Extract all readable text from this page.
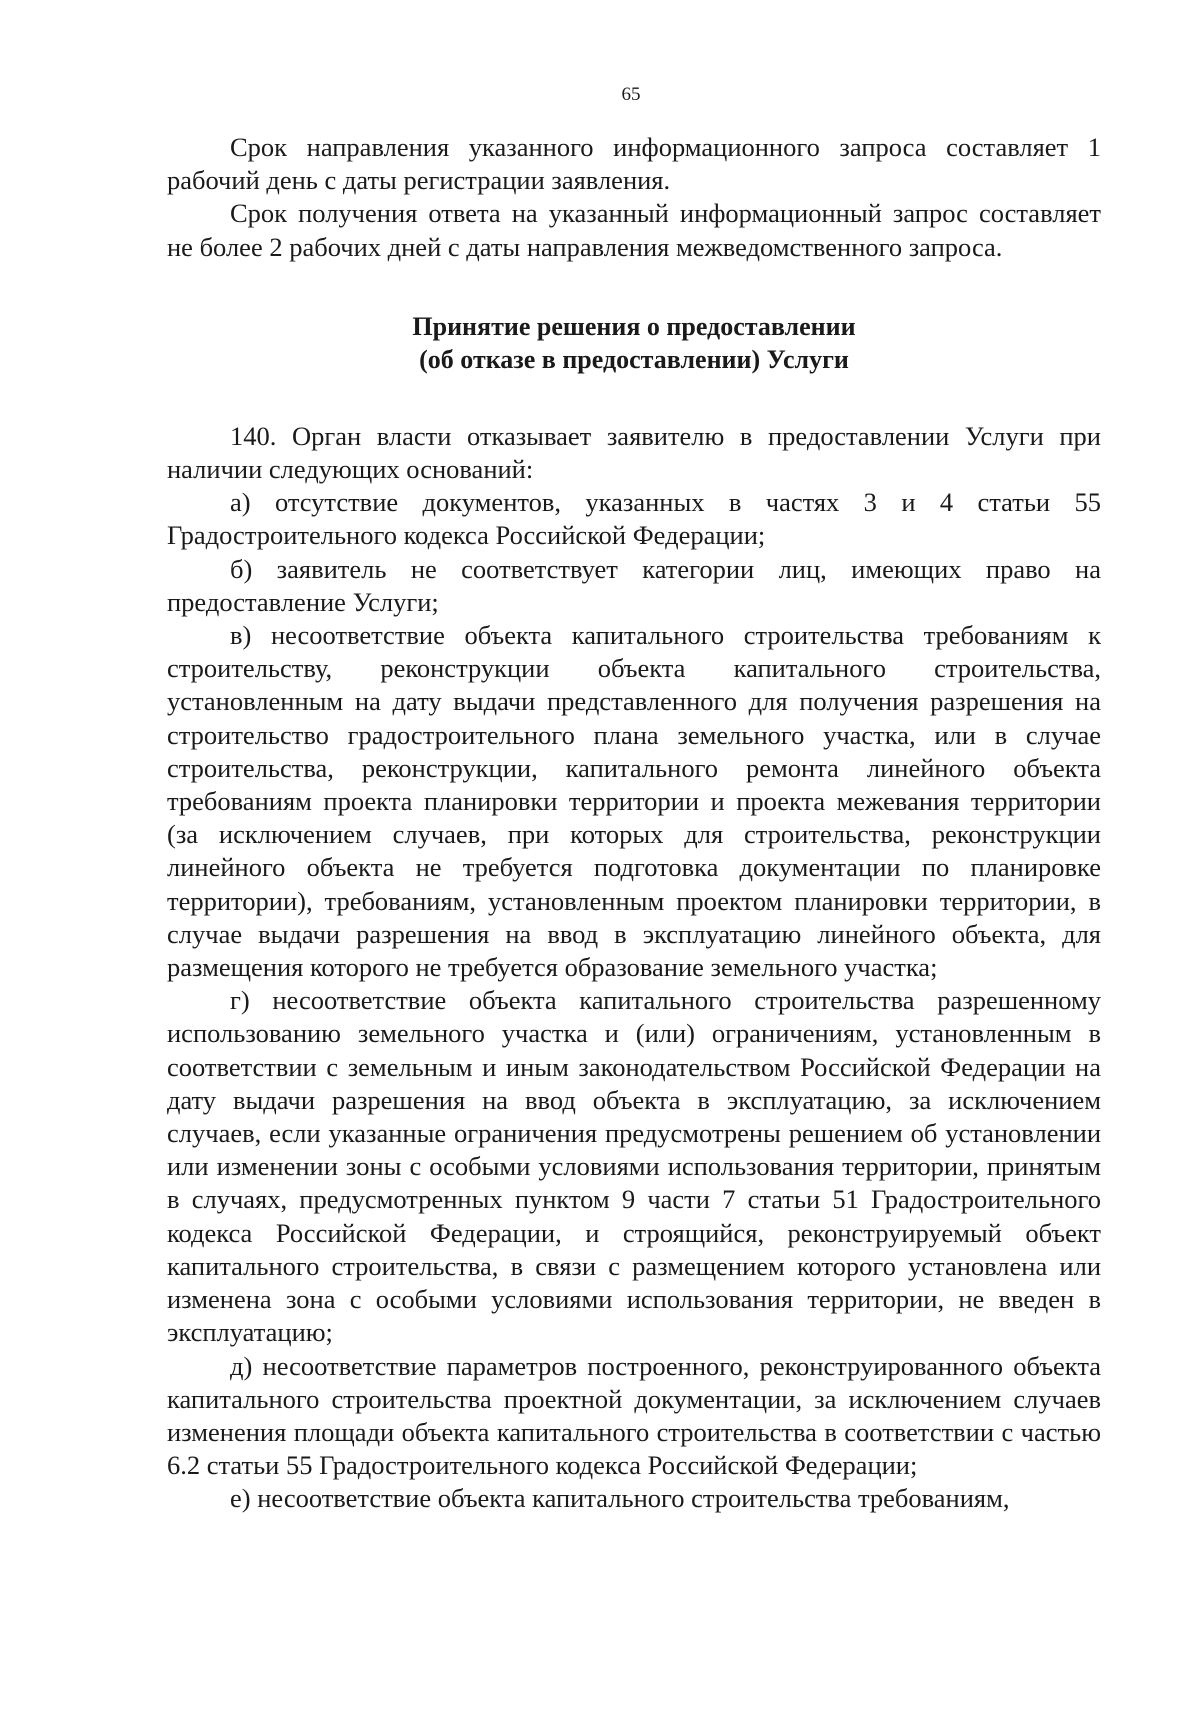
65

Срок направления указанного информационного запроса составляет 1 рабочий день с даты регистрации заявления.

Срок получения ответа на указанный информационный запрос составляет не более 2 рабочих дней с даты направления межведомственного запроса.

Принятие решения о предоставлении
(об отказе в предоставлении) Услуги

140. Орган власти отказывает заявителю в предоставлении Услуги при наличии следующих оснований:

а) отсутствие документов, указанных в частях 3 и 4 статьи 55 Градостроительного кодекса Российской Федерации;

б) заявитель не соответствует категории лиц, имеющих право на предоставление Услуги;

в) несоответствие объекта капитального строительства требованиям к строительству, реконструкции объекта капитального строительства, установленным на дату выдачи представленного для получения разрешения на строительство градостроительного плана земельного участка, или в случае строительства, реконструкции, капитального ремонта линейного объекта требованиям проекта планировки территории и проекта межевания территории (за исключением случаев, при которых для строительства, реконструкции линейного объекта не требуется подготовка документации по планировке территории), требованиям, установленным проектом планировки территории, в случае выдачи разрешения на ввод в эксплуатацию линейного объекта, для размещения которого не требуется образование земельного участка;

г) несоответствие объекта капитального строительства разрешенному использованию земельного участка и (или) ограничениям, установленным в соответствии с земельным и иным законодательством Российской Федерации на дату выдачи разрешения на ввод объекта в эксплуатацию, за исключением случаев, если указанные ограничения предусмотрены решением об установлении или изменении зоны с особыми условиями использования территории, принятым в случаях, предусмотренных пунктом 9 части 7 статьи 51 Градостроительного кодекса Российской Федерации, и строящийся, реконструируемый объект капитального строительства, в связи с размещением которого установлена или изменена зона с особыми условиями использования территории, не введен в эксплуатацию;

д) несоответствие параметров построенного, реконструированного объекта капитального строительства проектной документации, за исключением случаев изменения площади объекта капитального строительства в соответствии с частью 6.2 статьи 55 Градостроительного кодекса Российской Федерации;

е) несоответствие объекта капитального строительства требованиям,
